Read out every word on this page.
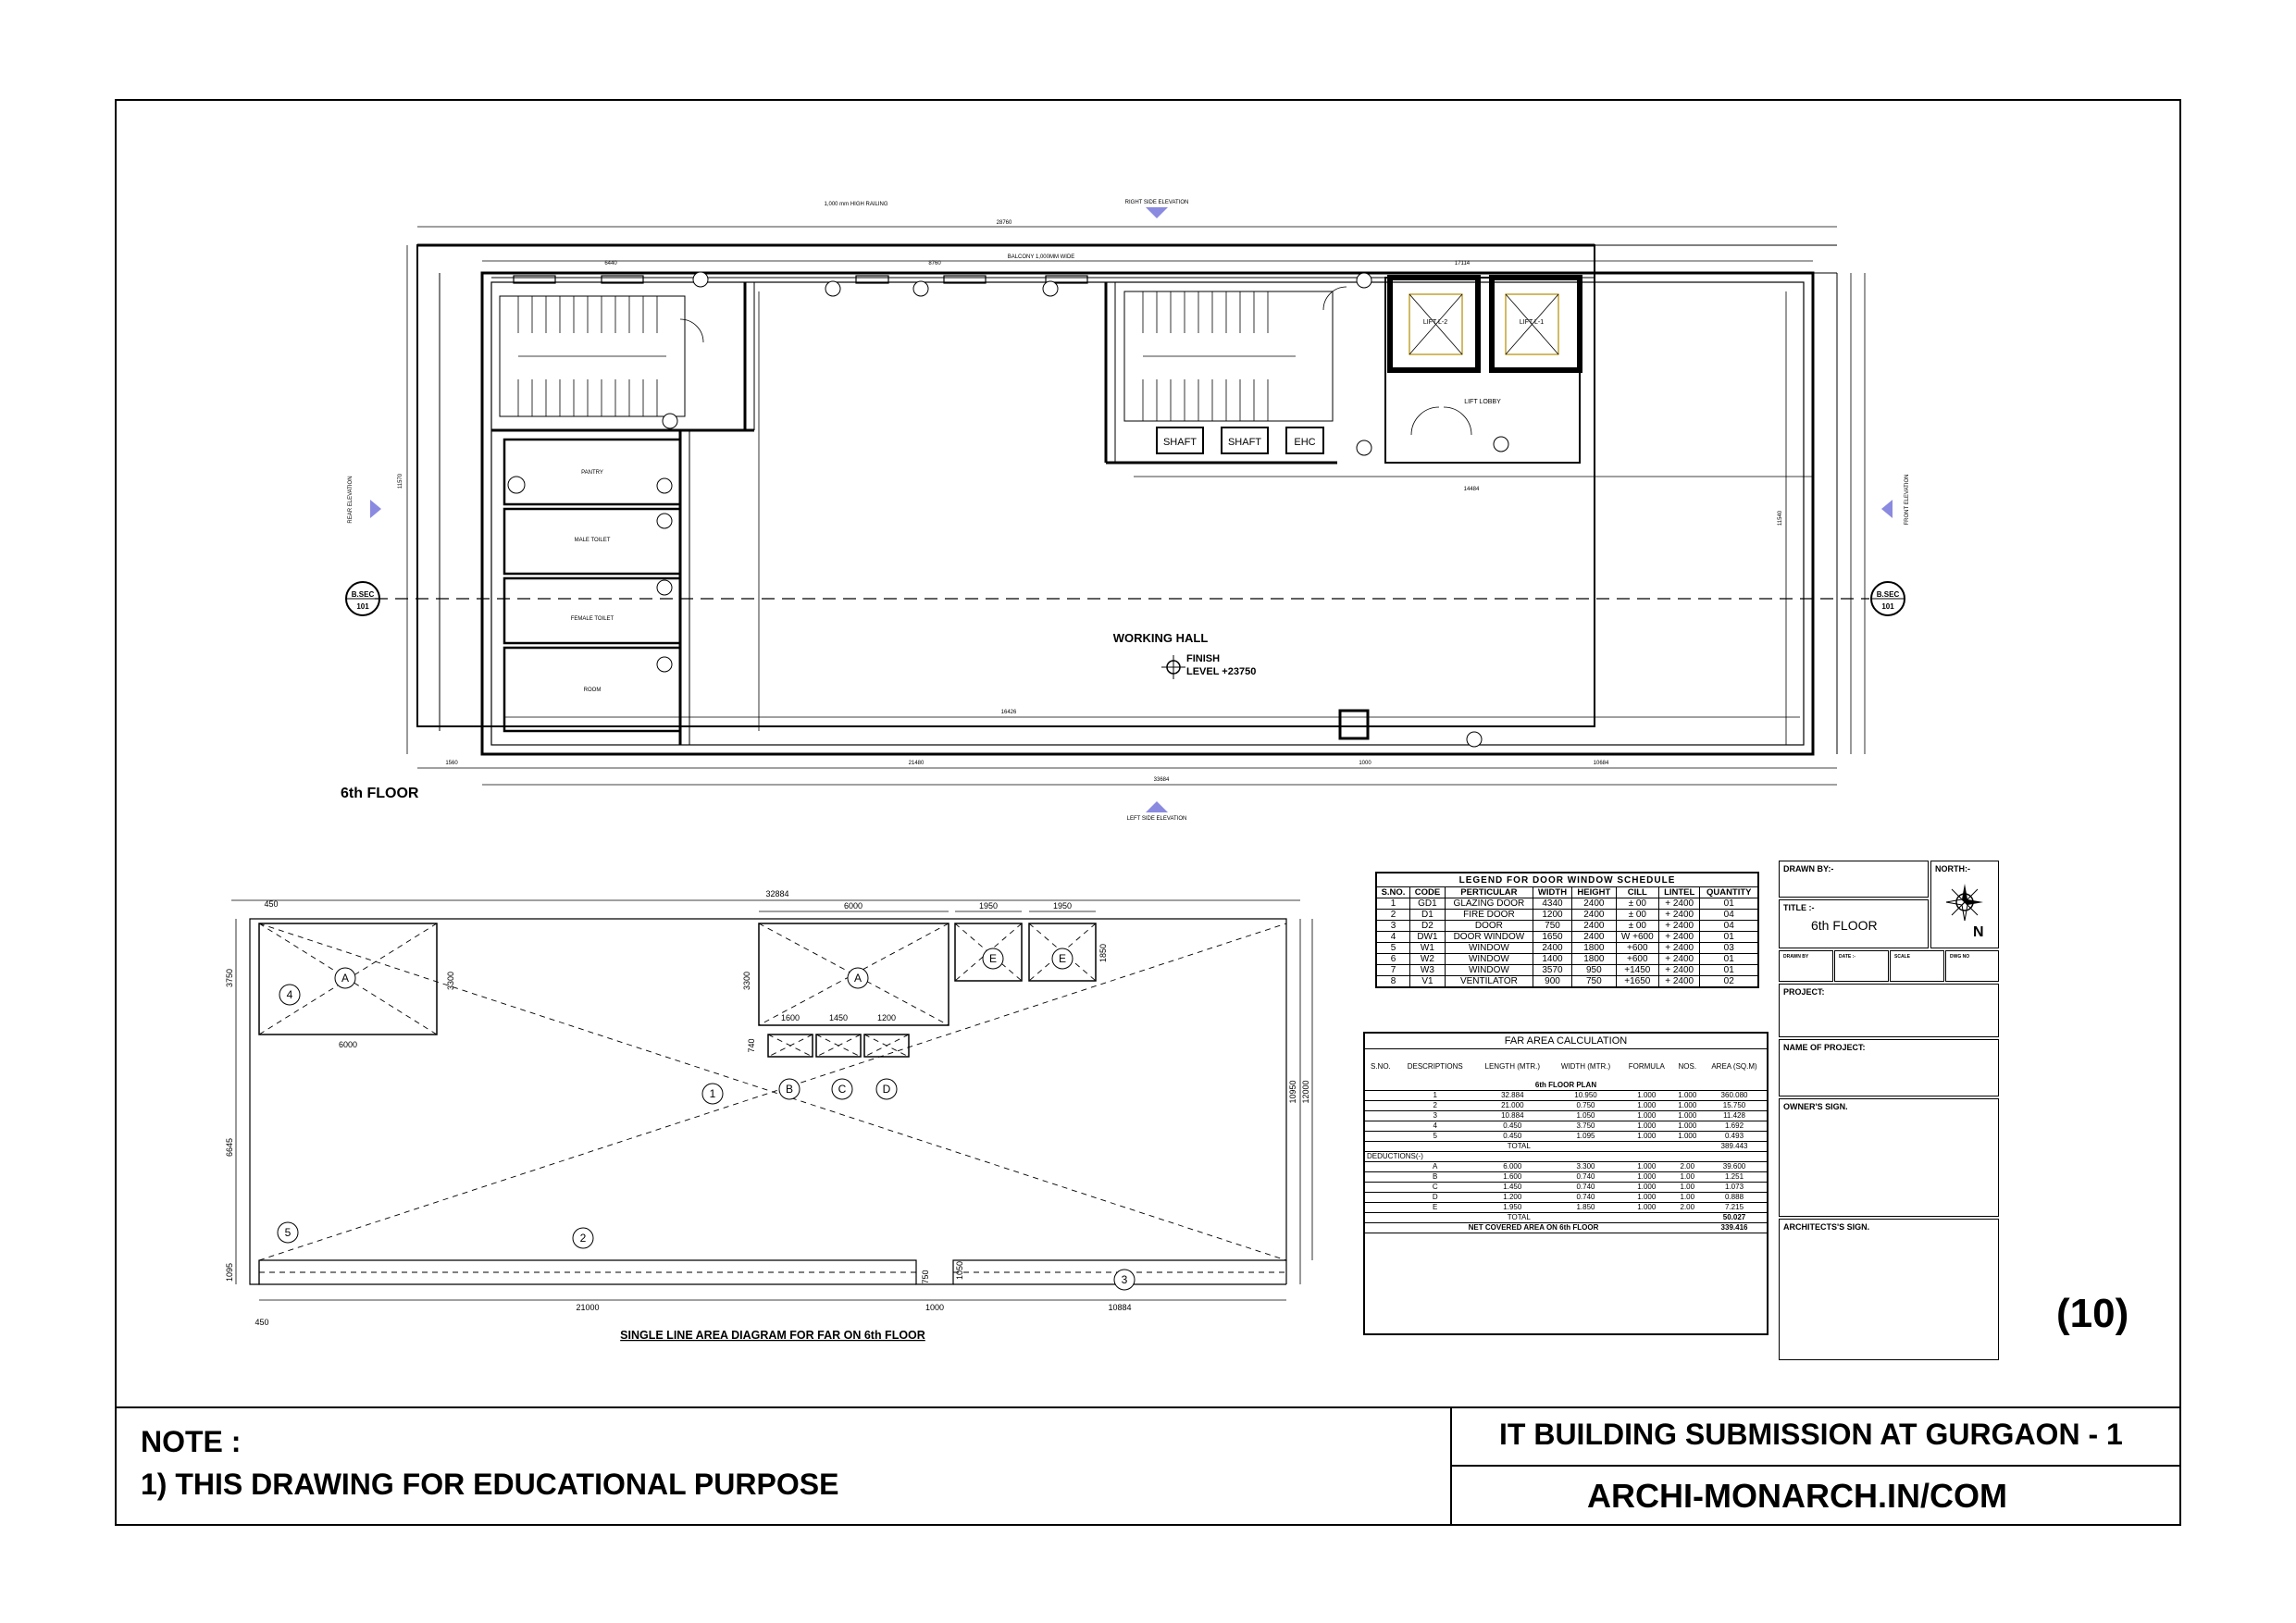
6th FLOOR
WORKING HALL
FINISH
LEVEL +23750
RIGHT SIDE ELEVATION
LEFT SIDE ELEVATION
BALCONY 1,000MM WIDE
1,000 mm HIGH RAILING
B.SEC
101
B.SEC
101
SHAFT	SHAFT	EHC
LIFT LOBBY
LIFT L-2	LIFT L-1
PANTRY
MALE TOILET
FEMALE TOILET
ROOM
33684
28760
21480	1000	10684
1560
6440	8760	17114
16426
14484
11570
11540
REAR ELEVATION	FRONT ELEVATION
1
2
3
4
5
A	A
B	C	D
E	E
32884
450
450
6000
6000	1950	1950
1600	1450	1200
21000	1000	10884
3300	3300
1850
740
12000
10950
3750
6645
1095	750	1050
SINGLE LINE AREA DIAGRAM FOR FAR ON 6th FLOOR
LEGEND FOR DOOR WINDOW SCHEDULE							
S.NO.	CODE	PERTICULAR	WIDTH	HEIGHT	CILL	LINTEL	QUANTITY
1	GD1	GLAZING DOOR	4340	2400	± 00	+ 2400	01
2	D1	FIRE DOOR	1200	2400	± 00	+ 2400	04
3	D2	DOOR	750	2400	± 00	+ 2400	04
4	DW1	DOOR WINDOW	1650	2400	W +600	+ 2400	01
5	W1	WINDOW	2400	1800	+600	+ 2400	03
6	W2	WINDOW	1400	1800	+600	+ 2400	01
7	W3	WINDOW	3570	950	+1450	+ 2400	01
8	V1	VENTILATOR	900	750	+1650	+ 2400	02
FAR AREA CALCULATION
S.NO.	DESCRIPTIONS	LENGTH (MTR.)	WIDTH (MTR.)	FORMULA	NOS.	AREA (SQ.M)
6th FLOOR PLAN						
	1	32.884	10.950	1.000	1.000	360.080
	2	21.000	0.750	1.000	1.000	15.750
	3	10.884	1.050	1.000	1.000	11.428
	4	0.450	3.750	1.000	1.000	1.692
	5	0.450	1.095	1.000	1.000	0.493
TOTAL						389.443
DEDUCTIONS(-)						
	A	6.000	3.300	1.000	2.00	39.600
	B	1.600	0.740	1.000	1.00	1.251
	C	1.450	0.740	1.000	1.00	1.073
	D	1.200	0.740	1.000	1.00	0.888
	E	1.950	1.850	1.000	2.00	7.215
TOTAL						50.027
NET COVERED AREA ON 6th FLOOR						339.416
DRAWN BY:-	NORTH:-
N
TITLE :-
6th FLOOR
DRAWN BY	DATE :-	SCALE	DWG NO
PROJECT:
NAME OF PROJECT:
OWNER'S SIGN.
ARCHITECTS'S SIGN.
(10)
NOTE :
1) THIS DRAWING FOR EDUCATIONAL PURPOSE
IT BUILDING SUBMISSION AT GURGAON - 1
ARCHI-MONARCH.IN/COM
